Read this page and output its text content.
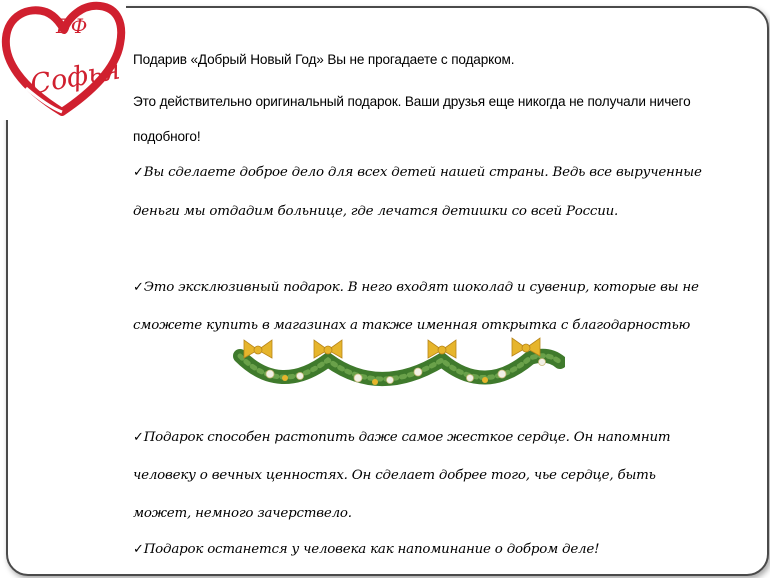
БФ
Софья Подарив «Добрый Новый Год» Вы не прогадаете с подарком.
Это действительно оригинальный подарок. Ваши друзья еще никогда не получали ничего
подобного!
✓Вы сделаете доброе дело для всех детей нашей страны. Ведь все вырученные
деньги мы отдадим больнице, где лечатся детишки со всей России.
✓Это эксклюзивный подарок. В него входят шоколад и сувенир, которые вы не
сможете купить в магазинах а также именная открытка с благодарностью
✓Подарок способен растопить даже самое жесткое сердце. Он напомнит
человеку о вечных ценностях. Он сделает добрее того, чье сердце, быть
может, немного зачерствело.
✓Подарок останется у человека как напоминание о добром деле!
